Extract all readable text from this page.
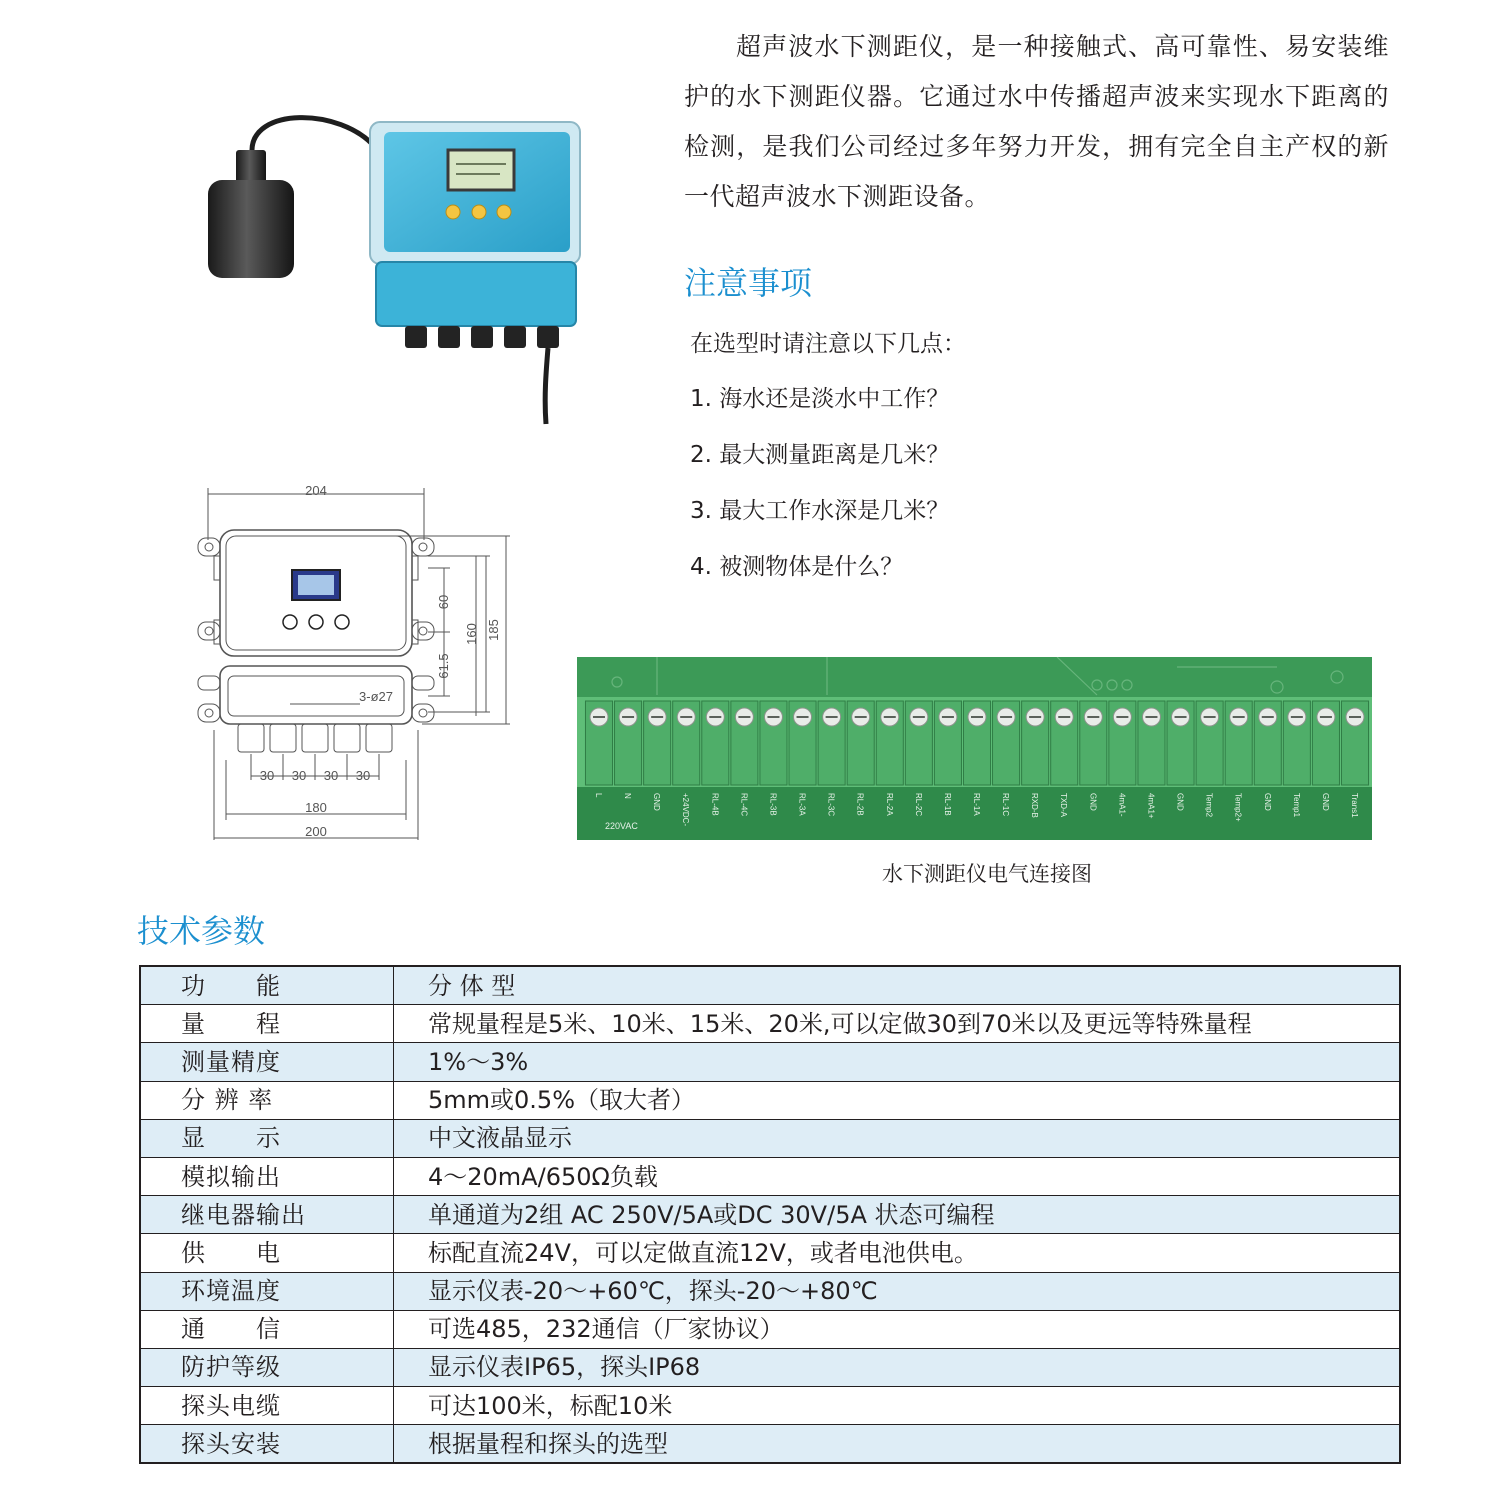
超声波水下测距仪，是一种接触式、高可靠性、易安装维护的水下测距仪器。它通过水中传播超声波来实现水下距离的检测，是我们公司经过多年努力开发，拥有完全自主产权的新一代超声波水下测距设备。

注意事项
在选型时请注意以下几点：
1. 海水还是淡水中工作？
2. 最大测量距离是几米？
3. 最大工作水深是几米？
4. 被测物体是什么？
204
60
160 185
61.5
3-ø27
30 30 30 30
180
200
L	N	GND	+24VDC-	RL-4B	RL-4C	RL-3B	RL-3A	RL-3C	RL-2B	RL-2A	RL-2C	RL-1B	RL-1A	RL-1C	RXD-B	TXD-A	GND	4mA1-	4mA1+	GND	Temp2	Temp2+	GND	Temp1	GND	Trans1
220VAC
水下测距仪电气连接图
技术参数
功　　能	分 体 型
量　　程	常规量程是5米、10米、15米、20米,可以定做30到70米以及更远等特殊量程
测量精度	1%～3%
分 辨 率	5mm或0.5%（取大者）
显　　示	中文液晶显示
模拟输出	4～20mA/650Ω负载
继电器输出	单通道为2组 AC 250V/5A或DC 30V/5A 状态可编程
供　　电	标配直流24V，可以定做直流12V，或者电池供电。
环境温度	显示仪表-20～+60℃，探头-20～+80℃
通　　信	可选485，232通信（厂家协议）
防护等级	显示仪表IP65，探头IP68
探头电缆	可达100米，标配10米
探头安装	根据量程和探头的选型
